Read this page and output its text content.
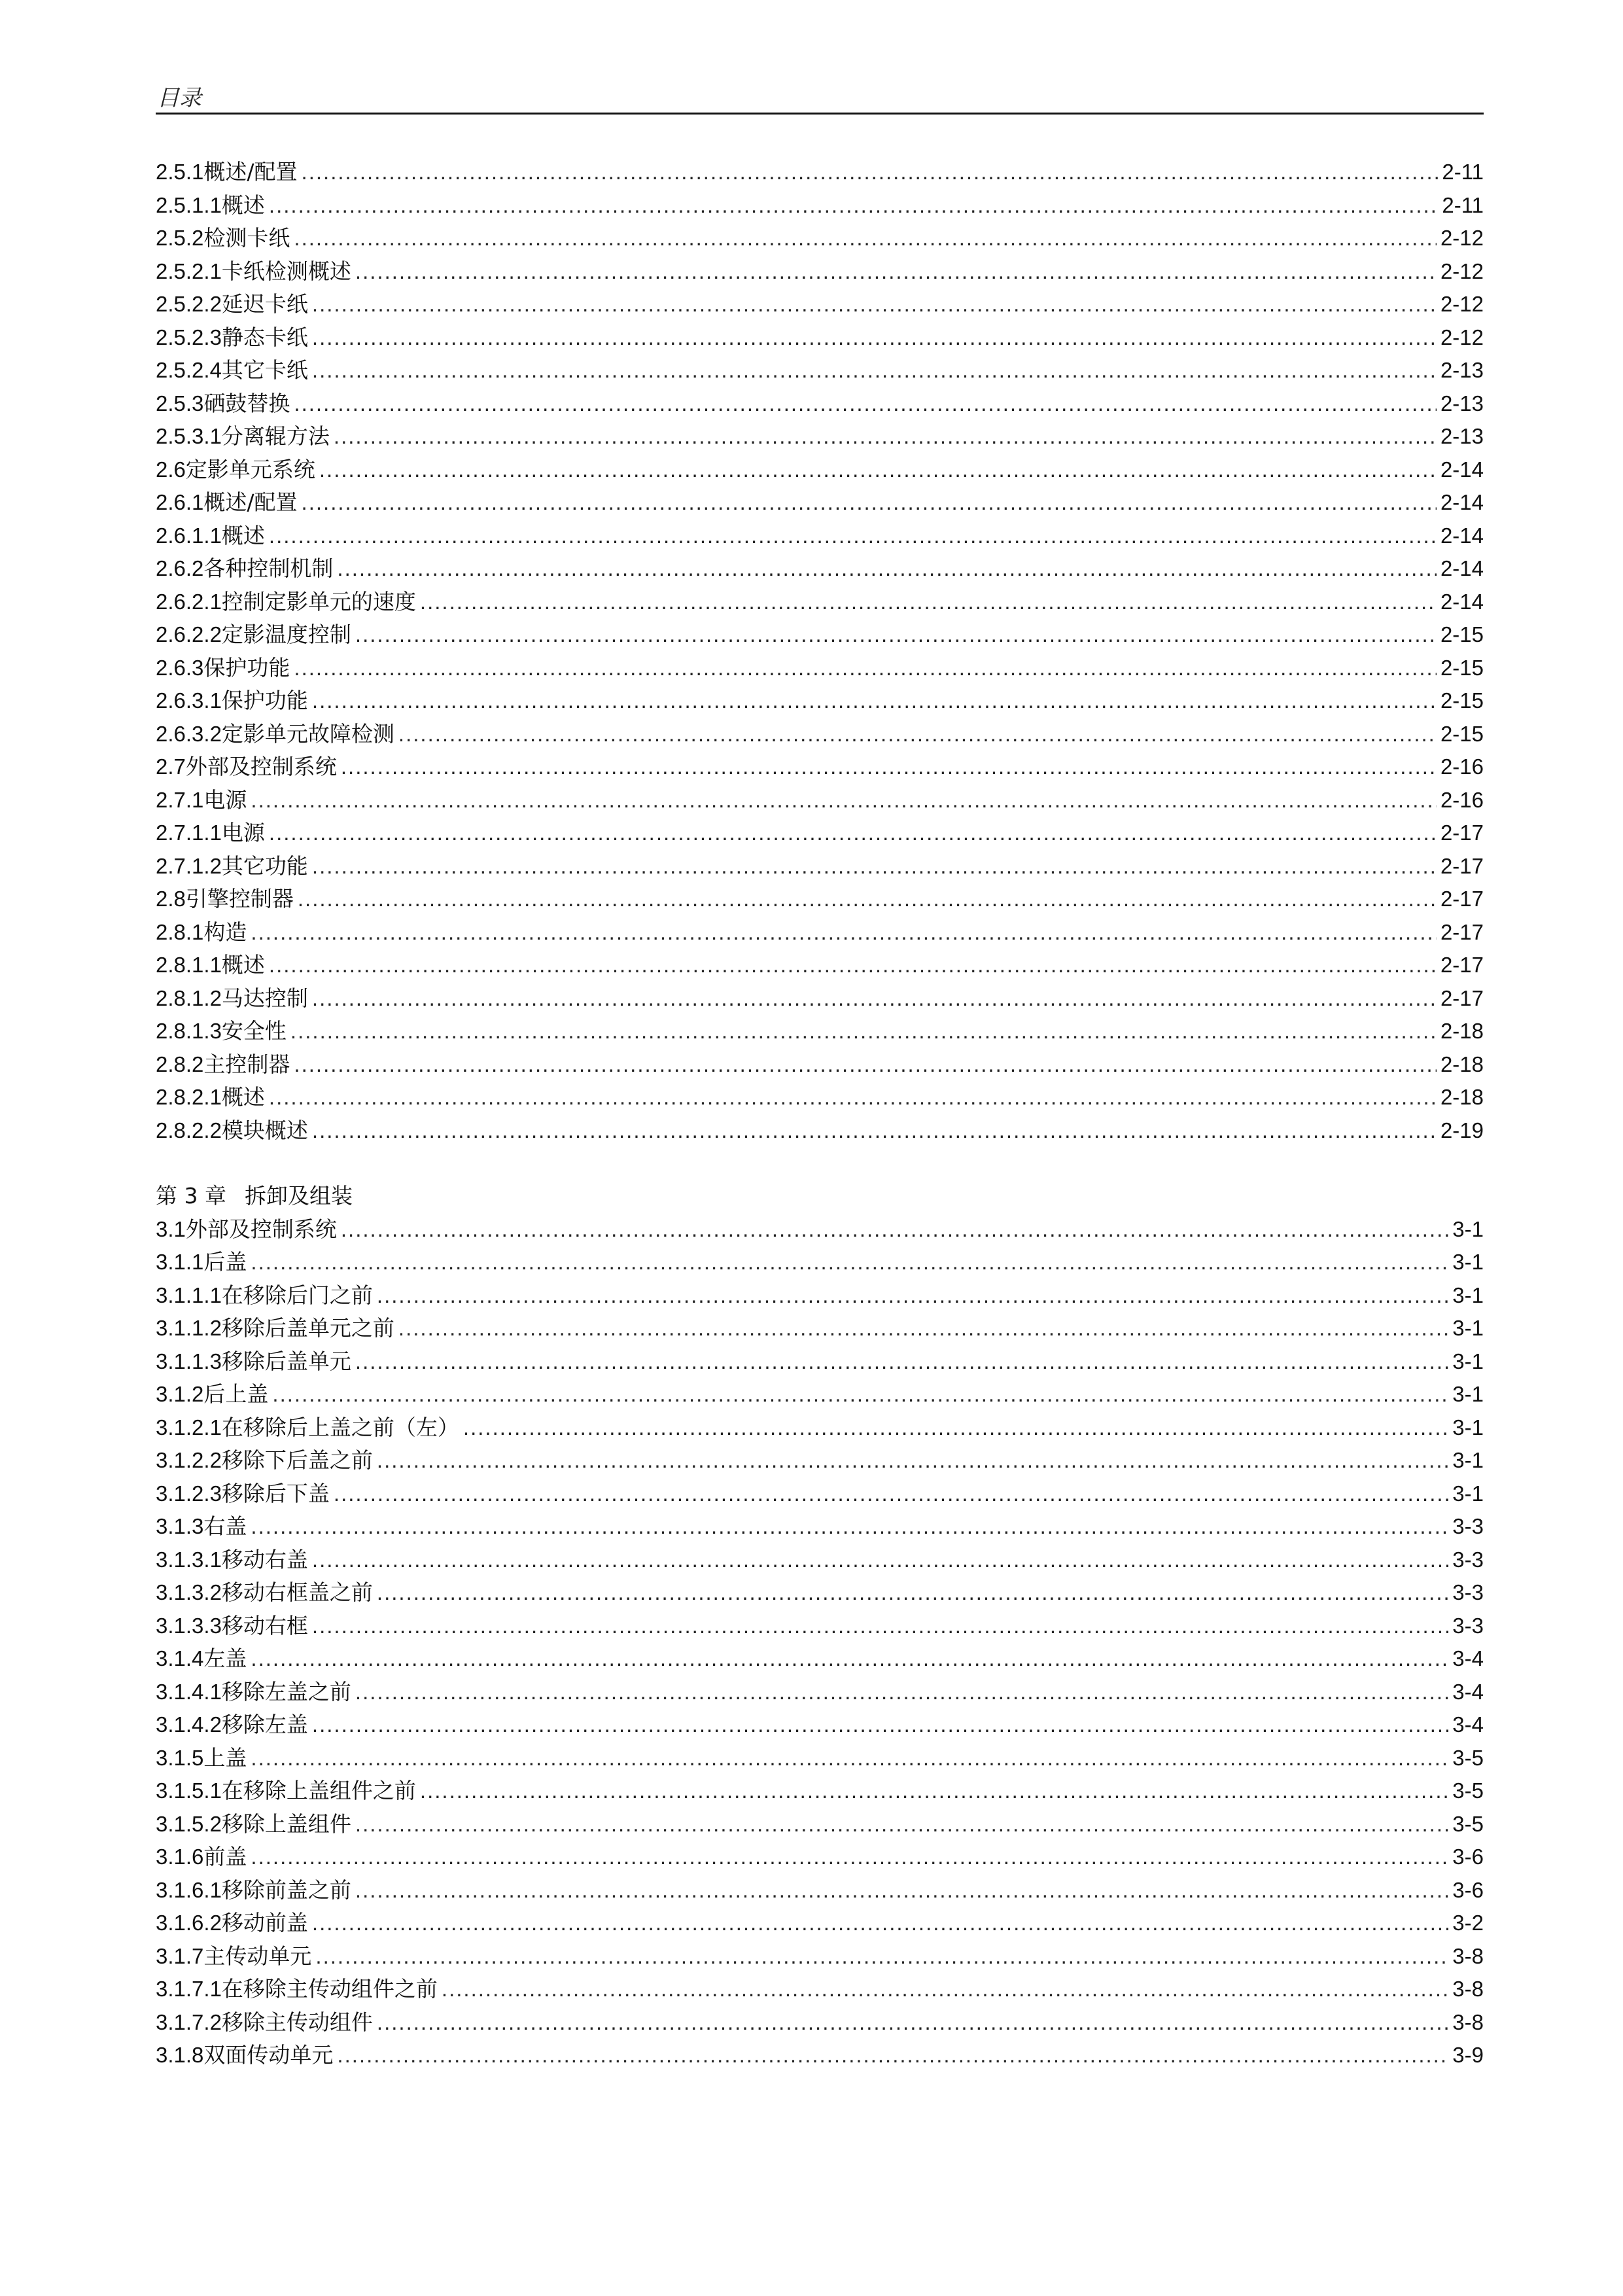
目录
2.5.1 概述/配置 .....	2-11
2.5.1.1 概述 .....	2-11
2.5.2 检测卡纸 .....	2-12
2.5.2.1 卡纸检测概述 .....	2-12
2.5.2.2 延迟卡纸 .....	2-12
2.5.2.3 静态卡纸 .....	2-12
2.5.2.4 其它卡纸 .....	2-13
2.5.3 硒鼓替换 .....	2-13
2.5.3.1 分离辊方法 .....	2-13
2.6 定影单元系统 .....	2-14
2.6.1 概述/配置 .....	2-14
2.6.1.1 概述 .....	2-14
2.6.2 各种控制机制 .....	2-14
2.6.2.1 控制定影单元的速度 .....	2-14
2.6.2.2 定影温度控制 .....	2-15
2.6.3 保护功能 .....	2-15
2.6.3.1 保护功能 .....	2-15
2.6.3.2 定影单元故障检测 .....	2-15
2.7 外部及控制系统 .....	2-16
2.7.1 电源 .....	2-16
2.7.1.1 电源 .....	2-17
2.7.1.2 其它功能 .....	2-17
2.8 引擎控制器 .....	2-17
2.8.1 构造 .....	2-17
2.8.1.1 概述 .....	2-17
2.8.1.2 马达控制 .....	2-17
2.8.1.3 安全性 .....	2-18
2.8.2 主控制器 .....	2-18
2.8.2.1 概述 .....	2-18
2.8.2.2 模块概述 .....	2-19
第 3 章 拆卸及组装
3.1 外部及控制系统 .....	3-1
3.1.1 后盖 .....	3-1
3.1.1.1 在移除后门之前 .....	3-1
3.1.1.2 移除后盖单元之前 .....	3-1
3.1.1.3 移除后盖单元 .....	3-1
3.1.2 后上盖 .....	3-1
3.1.2.1 在移除后上盖之前（左） .....	3-1
3.1.2.2 移除下后盖之前 .....	3-1
3.1.2.3 移除后下盖 .....	3-1
3.1.3 右盖 .....	3-3
3.1.3.1 移动右盖 .....	3-3
3.1.3.2 移动右框盖之前 .....	3-3
3.1.3.3 移动右框 .....	3-3
3.1.4 左盖 .....	3-4
3.1.4.1 移除左盖之前 .....	3-4
3.1.4.2 移除左盖 .....	3-4
3.1.5 上盖 .....	3-5
3.1.5.1 在移除上盖组件之前 .....	3-5
3.1.5.2 移除上盖组件 .....	3-5
3.1.6 前盖 .....	3-6
3.1.6.1 移除前盖之前 .....	3-6
3.1.6.2 移动前盖 .....	3-2
3.1.7 主传动单元 .....	3-8
3.1.7.1 在移除主传动组件之前 .....	3-8
3.1.7.2 移除主传动组件 .....	3-8
3.1.8 双面传动单元 .....	3-9
